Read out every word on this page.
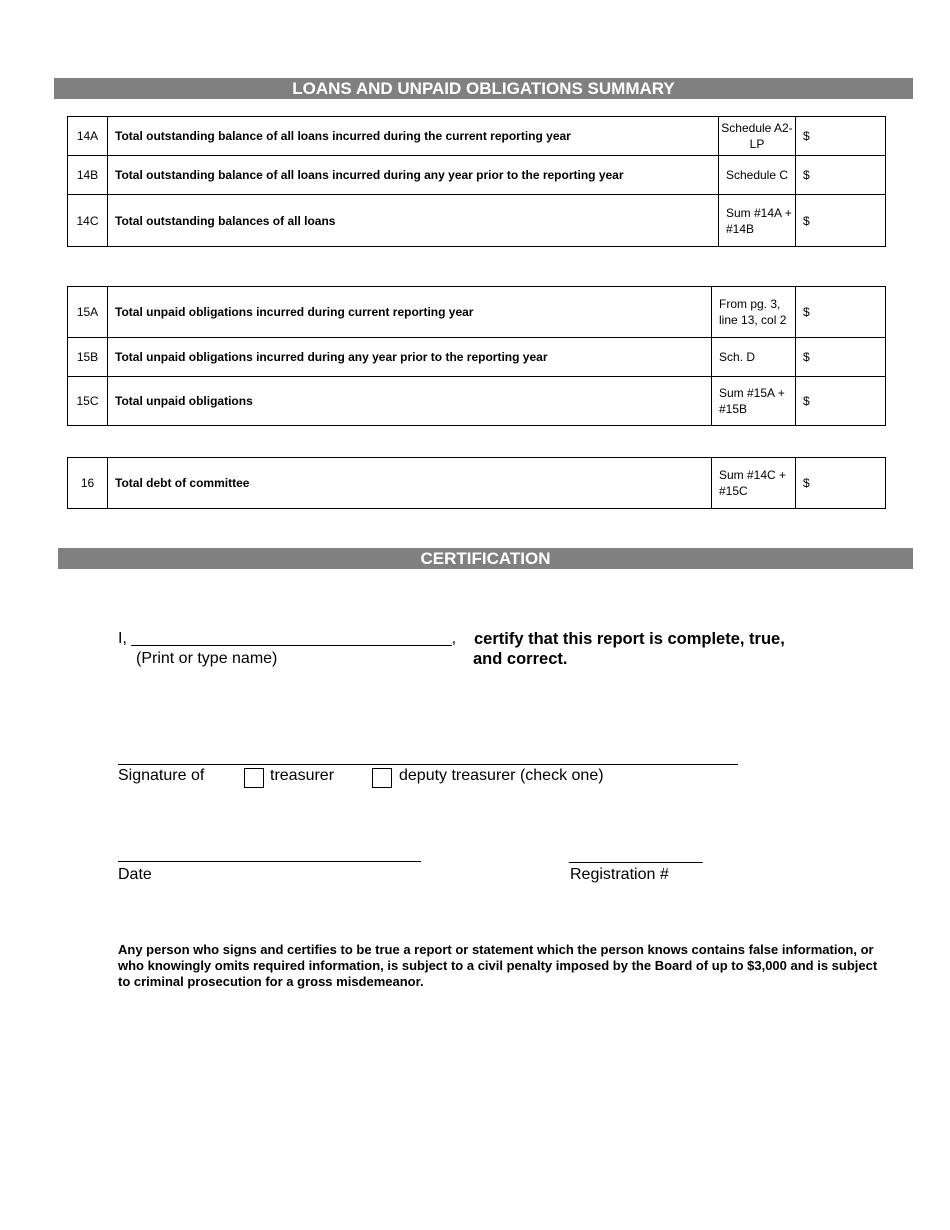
LOANS AND UNPAID OBLIGATIONS SUMMARY
14A	Total outstanding balance of all loans incurred during the current reporting year	Schedule A2-LP	$
14B	Total outstanding balance of all loans incurred during any year prior to the reporting year	Schedule C	$
14C	Total outstanding balances of all loans	Sum #14A + #14B	$
15A	Total unpaid obligations incurred during current reporting year	From pg. 3, line 13, col 2	$
15B	Total unpaid obligations incurred during any year prior to the reporting year	Sch. D	$
15C	Total unpaid obligations	Sum #15A + #15B	$
16	Total debt of committee	Sum #14C + #15C	$
CERTIFICATION
I, ____________________________________, certify that this report is complete, true,
(Print or type name)	and correct.
Signature of	treasurer	deputy treasurer (check one)
_______________
Date	Registration #
Any person who signs and certifies to be true a report or statement which the person knows contains false information, or who knowingly omits required information, is subject to a civil penalty imposed by the Board of up to $3,000 and is subject to criminal prosecution for a gross misdemeanor.
